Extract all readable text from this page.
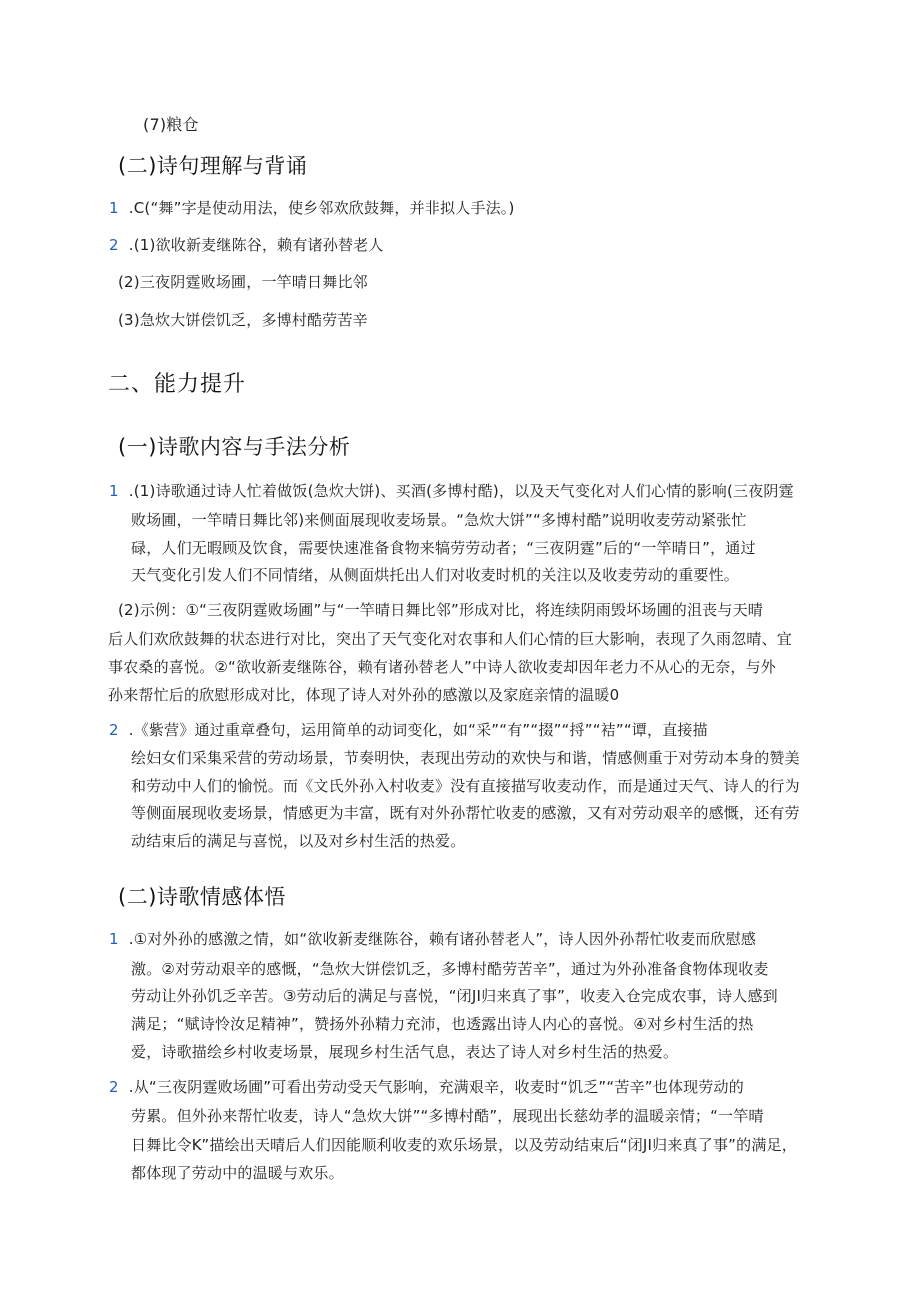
(7)粮仓
(二)诗句理解与背诵
1 .C(“舞”字是使动用法，使乡邻欢欣鼓舞，并非拟人手法。)
2 .(1)欲收新麦继陈谷，赖有诸孙替老人
(2)三夜阴霆败场圃，一竿晴日舞比邻
(3)急炊大饼偿饥乏，多博村酷劳苦辛
二、能力提升
(一)诗歌内容与手法分析
1 .(1)诗歌通过诗人忙着做饭(急炊大饼)、买酒(多博村酷)，以及天气变化对人们心情的影响(三夜阴霆
败场圃，一竿晴日舞比邻)来侧面展现收麦场景。“急炊大饼”“多博村酷”说明收麦劳动紧张忙
碌，人们无暇顾及饮食，需要快速准备食物来犒劳劳动者；“三夜阴霆”后的“一竿晴日”，通过
天气变化引发人们不同情绪，从侧面烘托出人们对收麦时机的关注以及收麦劳动的重要性。
(2)示例：①“三夜阴霆败场圃”与“一竿晴日舞比邻”形成对比，将连续阴雨毁坏场圃的沮丧与天晴
后人们欢欣鼓舞的状态进行对比，突出了天气变化对农事和人们心情的巨大影响，表现了久雨忽晴、宜
事农桑的喜悦。②“欲收新麦继陈谷，赖有诸孙替老人”中诗人欲收麦却因年老力不从心的无奈，与外
孙来帮忙后的欣慰形成对比，体现了诗人对外孙的感激以及家庭亲情的温暖0
2 .《紫营》通过重章叠句，运用简单的动词变化，如“采”“有”“掇”“捋”“袺”“谭，直接描
绘妇女们采集采营的劳动场景，节奏明快，表现出劳动的欢快与和谐，情感侧重于对劳动本身的赞美
和劳动中人们的愉悦。而《文氏外孙入村收麦》没有直接描写收麦动作，而是通过天气、诗人的行为
等侧面展现收麦场景，情感更为丰富，既有对外孙帮忙收麦的感激，又有对劳动艰辛的感慨，还有劳
动结束后的满足与喜悦，以及对乡村生活的热爱。
(二)诗歌情感体悟
1 .①对外孙的感激之情，如“欲收新麦继陈谷，赖有诸孙替老人”，诗人因外孙帮忙收麦而欣慰感
激。②对劳动艰辛的感慨，“急炊大饼偿饥乏，多博村酷劳苦辛”，通过为外孙准备食物体现收麦
劳动让外孙饥乏辛苦。③劳动后的满足与喜悦，“闭JI归来真了事”，收麦入仓完成农事，诗人感到
满足；“赋诗怜汝足精神”，赞扬外孙精力充沛，也透露出诗人内心的喜悦。④对乡村生活的热
爱，诗歌描绘乡村收麦场景，展现乡村生活气息，表达了诗人对乡村生活的热爱。
2 .从“三夜阴霆败场圃”可看出劳动受天气影响，充满艰辛，收麦时“饥乏”“苦辛”也体现劳动的
劳累。但外孙来帮忙收麦，诗人“急炊大饼”“多博村酷”，展现出长慈幼孝的温暖亲情；“一竿晴
日舞比令K”描绘出天晴后人们因能顺利收麦的欢乐场景，以及劳动结束后“闭JI归来真了事”的满足，
都体现了劳动中的温暖与欢乐。
